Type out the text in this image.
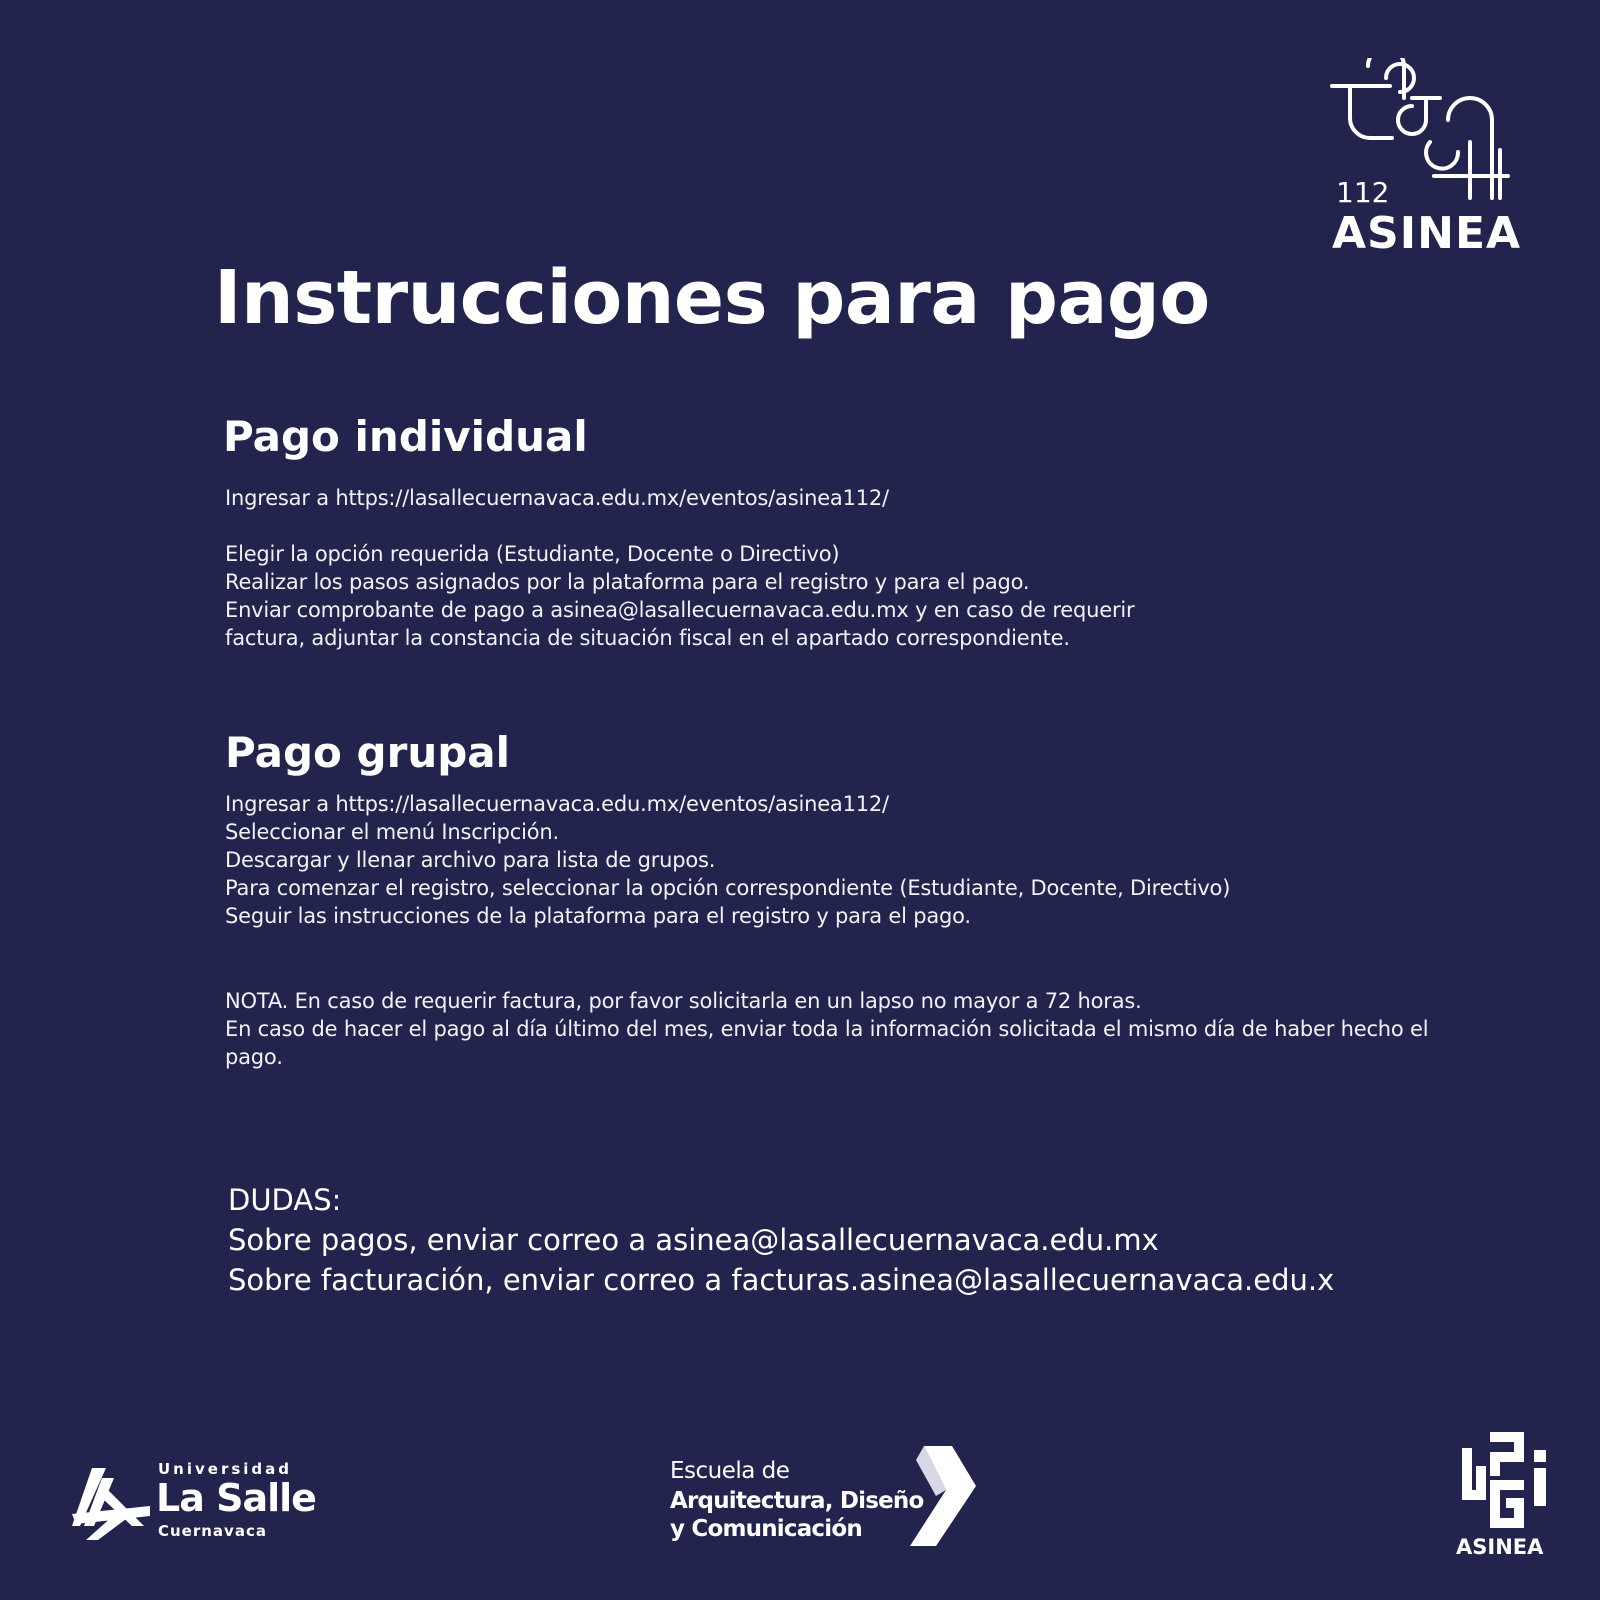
112
ASINEA
Instrucciones para pago
Pago individual

Ingresar a https://lasallecuernavaca.edu.mx/eventos/asinea112/

Elegir la opción requerida (Estudiante, Docente o Directivo)

Realizar los pasos asignados por la plataforma para el registro y para el pago.

Enviar comprobante de pago a asinea@lasallecuernavaca.edu.mx y en caso de requerir

factura, adjuntar la constancia de situación fiscal en el apartado correspondiente.

Pago grupal

Ingresar a https://lasallecuernavaca.edu.mx/eventos/asinea112/

Seleccionar el menú Inscripción.

Descargar y llenar archivo para lista de grupos.

Para comenzar el registro, seleccionar la opción correspondiente (Estudiante, Docente, Directivo)

Seguir las instrucciones de la plataforma para el registro y para el pago.

NOTA. En caso de requerir factura, por favor solicitarla en un lapso no mayor a 72 horas.

En caso de hacer el pago al día último del mes, enviar toda la información solicitada el mismo día de haber hecho el pago.

DUDAS:

Sobre pagos, enviar correo a asinea@lasallecuernavaca.edu.mx

Sobre facturación, enviar correo a facturas.asinea@lasallecuernavaca.edu.x

Universidad
La Salle
Cuernavaca
Escuela de
Arquitectura, Diseño
y Comunicación
ASINEA
